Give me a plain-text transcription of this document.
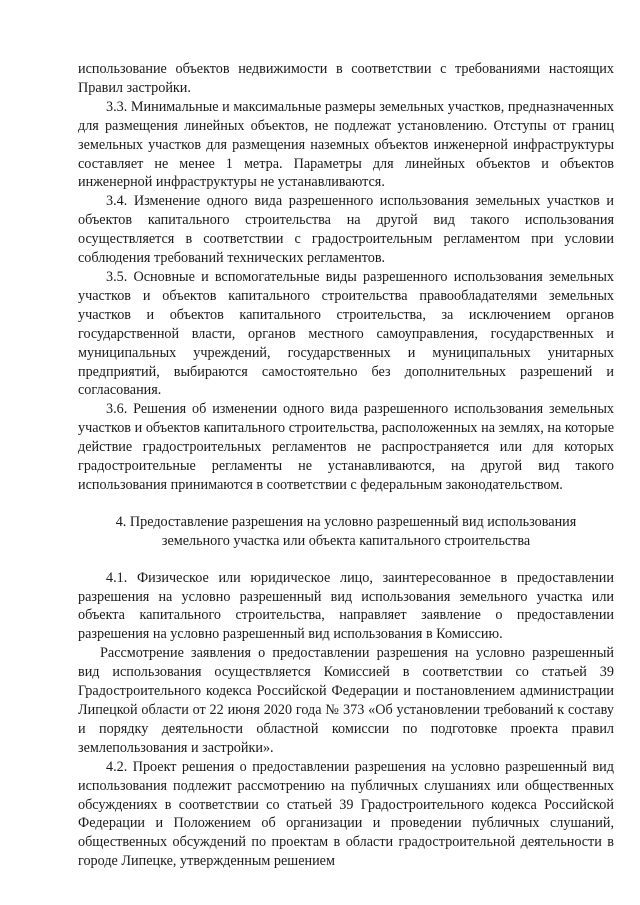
использование объектов недвижимости в соответствии с требованиями настоящих Правил застройки.

3.3. Минимальные и максимальные размеры земельных участков, предназначенных для размещения линейных объектов, не подлежат установлению. Отступы от границ земельных участков для размещения наземных объектов инженерной инфраструктуры составляет не менее 1 метра. Параметры для линейных объектов и объектов инженерной инфраструктуры не устанавливаются.

3.4. Изменение одного вида разрешенного использования земельных участков и объектов капитального строительства на другой вид такого использования осуществляется в соответствии с градостроительным регламентом при условии соблюдения требований технических регламентов.

3.5. Основные и вспомогательные виды разрешенного использования земельных участков и объектов капитального строительства правообладателями земельных участков и объектов капитального строительства, за исключением органов государственной власти, органов местного самоуправления, государственных и муниципальных учреждений, государственных и муниципальных унитарных предприятий, выбираются самостоятельно без дополнительных разрешений и согласования.

3.6. Решения об изменении одного вида разрешенного использования земельных участков и объектов капитального строительства, расположенных на землях, на которые действие градостроительных регламентов не распространяется или для которых градостроительные регламенты не устанавливаются, на другой вид такого использования принимаются в соответствии с федеральным законодательством.

4. Предоставление разрешения на условно разрешенный вид использования земельного участка или объекта капитального строительства

4.1. Физическое или юридическое лицо, заинтересованное в предоставлении разрешения на условно разрешенный вид использования земельного участка или объекта капитального строительства, направляет заявление о предоставлении разрешения на условно разрешенный вид использования в Комиссию.

Рассмотрение заявления о предоставлении разрешения на условно разрешенный вид использования осуществляется Комиссией в соответствии со статьей 39 Градостроительного кодекса Российской Федерации и постановлением администрации Липецкой области от 22 июня 2020 года № 373 «Об установлении требований к составу и порядку деятельности областной комиссии по подготовке проекта правил землепользования и застройки».

4.2. Проект решения о предоставлении разрешения на условно разрешенный вид использования подлежит рассмотрению на публичных слушаниях или общественных обсуждениях в соответствии со статьей 39 Градостроительного кодекса Российской Федерации и Положением об организации и проведении публичных слушаний, общественных обсуждений по проектам в области градостроительной деятельности в городе Липецке, утвержденным решением
